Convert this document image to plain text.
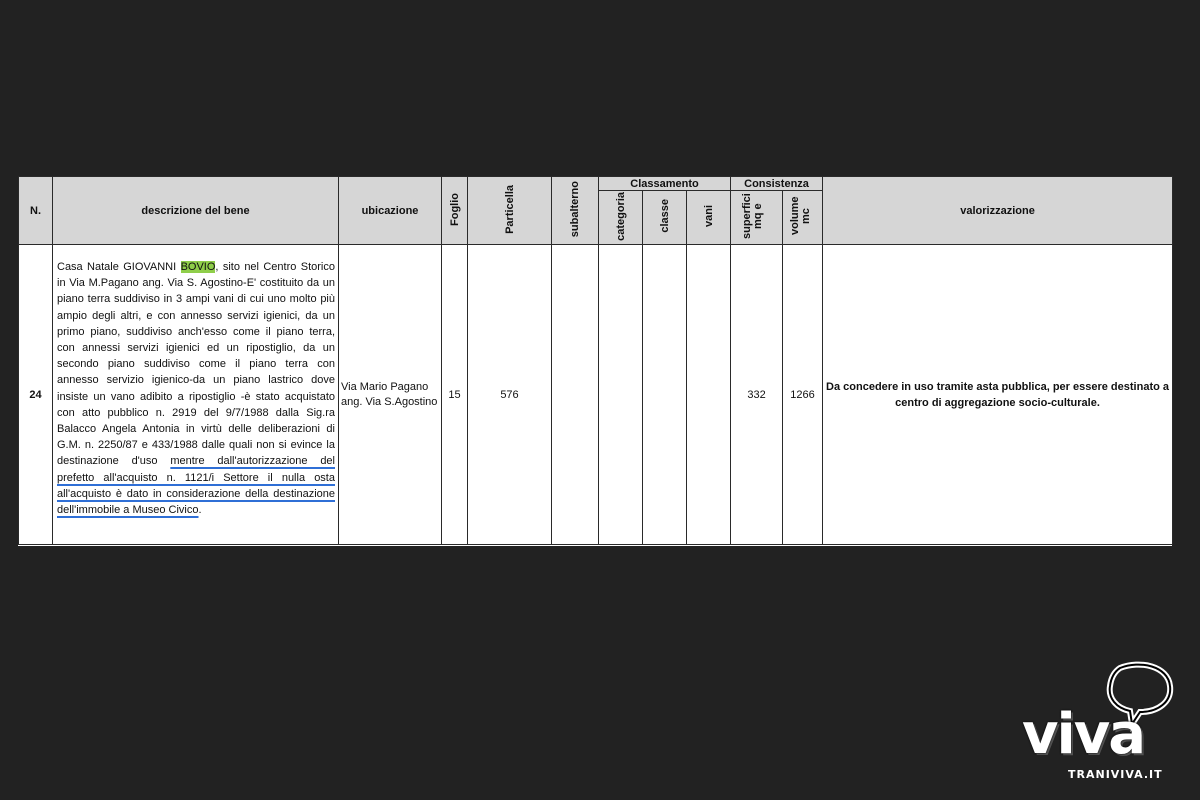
N.	descrizione del bene	ubicazione	Foglio	Particella	subalterno	Classamento			Consistenza		valorizzazione
						categoria	classe	vani	superfici mq e	volume mc	
24	Casa Natale GIOVANNI BOVIO, sito nel Centro Storico in Via M.Pagano ang. Via S. Agostino-E' costituito da un piano terra suddiviso in 3 ampi vani di cui uno molto più ampio degli altri, e con annesso servizi igienici, da un primo piano, suddiviso anch'esso come il piano terra, con annessi servizi igienici ed un ripostiglio, da un secondo piano suddiviso come il piano terra con annesso servizio igienico-da un piano lastrico dove insiste un vano adibito a ripostiglio -è stato acquistato con atto pubblico n. 2919 del 9/7/1988 dalla Sig.ra Balacco Angela Antonia in virtù delle deliberazioni di G.M. n. 2250/87 e 433/1988 dalle quali non si evince la destinazione d'uso mentre dall'autorizzazione del prefetto all'acquisto n. 1121/i Settore il nulla osta all'acquisto è dato in considerazione della destinazione dell'immobile a Museo Civico.	Via Mario Pagano ang. Via S.Agostino	15	576					332	1266	Da concedere in uso tramite asta pubblica, per essere destinato a centro di aggregazione socio-culturale.
viva
TRANIVIVA.IT
